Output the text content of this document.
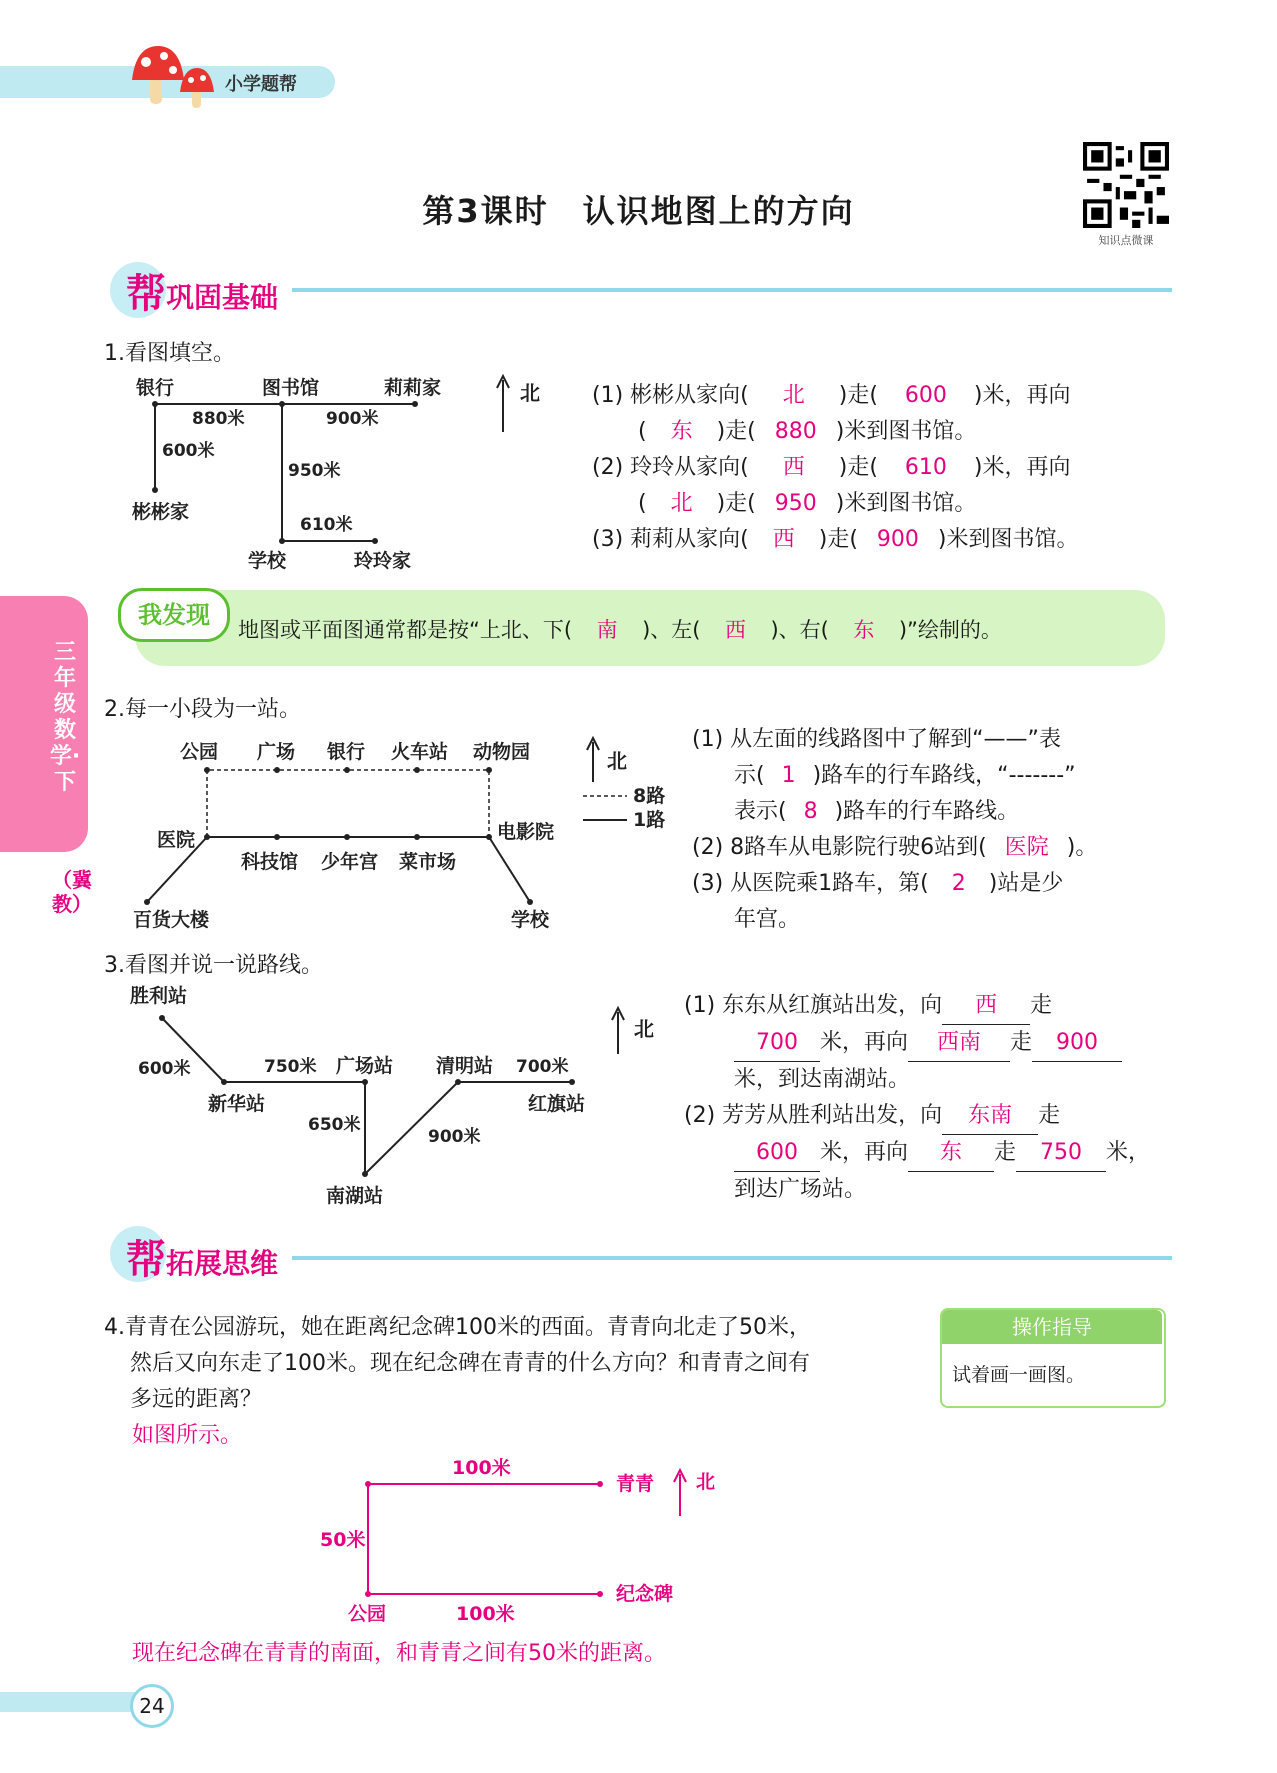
小学题帮
第3课时　认识地图上的方向
知识点微课
帮巩固基础
三年级数学·下
（冀教）
1.看图填空。
银行	图书馆	莉莉家
彬彬家
学校	玲玲家
880米	900米
600米
950米
610米
北 (1) 彬彬从家向( 北 )走( 600 )米，再向
( 东 )走( 880 )米到图书馆。
(2) 玲玲从家向( 西 )走( 610 )米，再向
( 北 )走( 950 )米到图书馆。
(3) 莉莉从家向( 西 )走( 900 )米到图书馆。
我发现
地图或平面图通常都是按“上北、下( 南 )、左( 西 )、右( 东 )”绘制的。
2.每一小段为一站。
公园 广场 银行 火车站 动物园
医院	电影院
科技馆 少年宫 菜市场
百货大楼	学校
北
8路
1路
(1) 从左面的线路图中了解到“——”表
示( 1 )路车的行车路线，“-------”
表示( 8 )路车的行车路线。
(2) 8路车从电影院行驶6站到( 医院 )。
(3) 从医院乘1路车，第( 2 )站是少
年宫。
3.看图并说一说路线。
胜利站
新华站
广场站 清明站
红旗站
南湖站
600米	750米
650米
900米
700米
北
(1) 东东从红旗站出发，向 西 走
700 米，再向 西南 走 900
米，到达南湖站。
(2) 芳芳从胜利站出发，向 东南 走
600 米，再向 东 走 750 米，
到达广场站。
帮拓展思维
4.青青在公园游玩，她在距离纪念碑100米的西面。青青向北走了50米，
然后又向东走了100米。现在纪念碑在青青的什么方向？和青青之间有
多远的距离？
操作指导
试着画一画图。
如图所示。
100米
青青 北
50米
公园	100米
纪念碑
现在纪念碑在青青的南面，和青青之间有50米的距离。
24
